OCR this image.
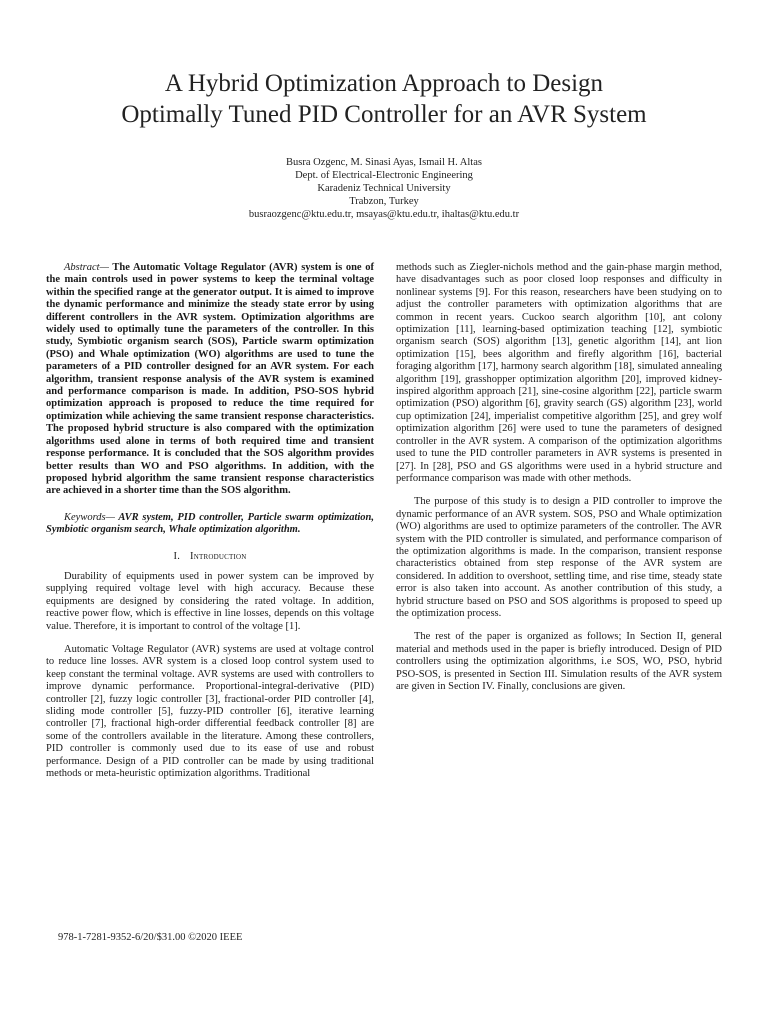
A Hybrid Optimization Approach to Design
Optimally Tuned PID Controller for an AVR System
Busra Ozgenc, M. Sinasi Ayas, Ismail H. Altas
Dept. of Electrical-Electronic Engineering
Karadeniz Technical University
Trabzon, Turkey
busraozgenc@ktu.edu.tr, msayas@ktu.edu.tr, ihaltas@ktu.edu.tr

Abstract— The Automatic Voltage Regulator (AVR) system is one of the main controls used in power systems to keep the terminal voltage within the specified range at the generator output. It is aimed to improve the dynamic performance and minimize the steady state error by using different controllers in the AVR system. Optimization algorithms are widely used to optimally tune the parameters of the controller. In this study, Symbiotic organism search (SOS), Particle swarm optimization (PSO) and Whale optimization (WO) algorithms are used to tune the parameters of a PID controller designed for an AVR system. For each algorithm, transient response analysis of the AVR system is examined and performance comparison is made. In addition, PSO-SOS hybrid optimization approach is proposed to reduce the time required for optimization while achieving the same transient response characteristics. The proposed hybrid structure is also compared with the optimization algorithms used alone in terms of both required time and transient response performance. It is concluded that the SOS algorithm provides better results than WO and PSO algorithms. In addition, with the proposed hybrid algorithm the same transient response characteristics are achieved in a shorter time than the SOS algorithm.

Keywords— AVR system, PID controller, Particle swarm optimization, Symbiotic organism search, Whale optimization algorithm.

I. Introduction

Durability of equipments used in power system can be improved by supplying required voltage level with high accuracy. Because these equipments are designed by considering the rated voltage. In addition, reactive power flow, which is effective in line losses, depends on this voltage value. Therefore, it is important to control of the voltage [1].

Automatic Voltage Regulator (AVR) systems are used at voltage control to reduce line losses. AVR system is a closed loop control system used to keep constant the terminal voltage. AVR systems are used with controllers to improve dynamic performance. Proportional-integral-derivative (PID) controller [2], fuzzy logic controller [3], fractional-order PID controller [4], sliding mode controller [5], fuzzy-PID controller [6], iterative learning controller [7], fractional high-order differential feedback controller [8] are some of the controllers available in the literature. Among these controllers, PID controller is commonly used due to its ease of use and robust performance. Design of a PID controller can be made by using traditional methods or meta-heuristic optimization algorithms. Traditional

methods such as Ziegler-nichols method and the gain-phase margin method, have disadvantages such as poor closed loop responses and difficulty in nonlinear systems [9]. For this reason, researchers have been studying on to adjust the controller parameters with optimization algorithms that are common in recent years. Cuckoo search algorithm [10], ant colony optimization [11], learning-based optimization teaching [12], symbiotic organism search (SOS) algorithm [13], genetic algorithm [14], ant lion optimization [15], bees algorithm and firefly algorithm [16], bacterial foraging algorithm [17], harmony search algorithm [18], simulated annealing algorithm [19], grasshopper optimization algorithm [20], improved kidney-inspired algorithm approach [21], sine-cosine algorithm [22], particle swarm optimization (PSO) algorithm [6], gravity search (GS) algorithm [23], world cup optimization [24], imperialist competitive algorithm [25], and grey wolf optimization algorithm [26] were used to tune the parameters of designed controller in the AVR system. A comparison of the optimization algorithms used to tune the PID controller parameters in AVR systems is presented in [27]. In [28], PSO and GS algorithms were used in a hybrid structure and performance comparison was made with other methods.

The purpose of this study is to design a PID controller to improve the dynamic performance of an AVR system. SOS, PSO and Whale optimization (WO) algorithms are used to optimize parameters of the controller. The AVR system with the PID controller is simulated, and performance comparison of the optimization algorithms is made. In the comparison, transient response characteristics obtained from step response of the AVR system are considered. In addition to overshoot, settling time, and rise time, steady state error is also taken into account. As another contribution of this study, a hybrid structure based on PSO and SOS algorithms is proposed to speed up the optimization process.

The rest of the paper is organized as follows; In Section II, general material and methods used in the paper is briefly introduced. Design of PID controllers using the optimization algorithms, i.e SOS, WO, PSO, hybrid PSO-SOS, is presented in Section III. Simulation results of the AVR system are given in Section IV. Finally, conclusions are given.

978-1-7281-9352-6/20/$31.00 ©2020 IEEE
